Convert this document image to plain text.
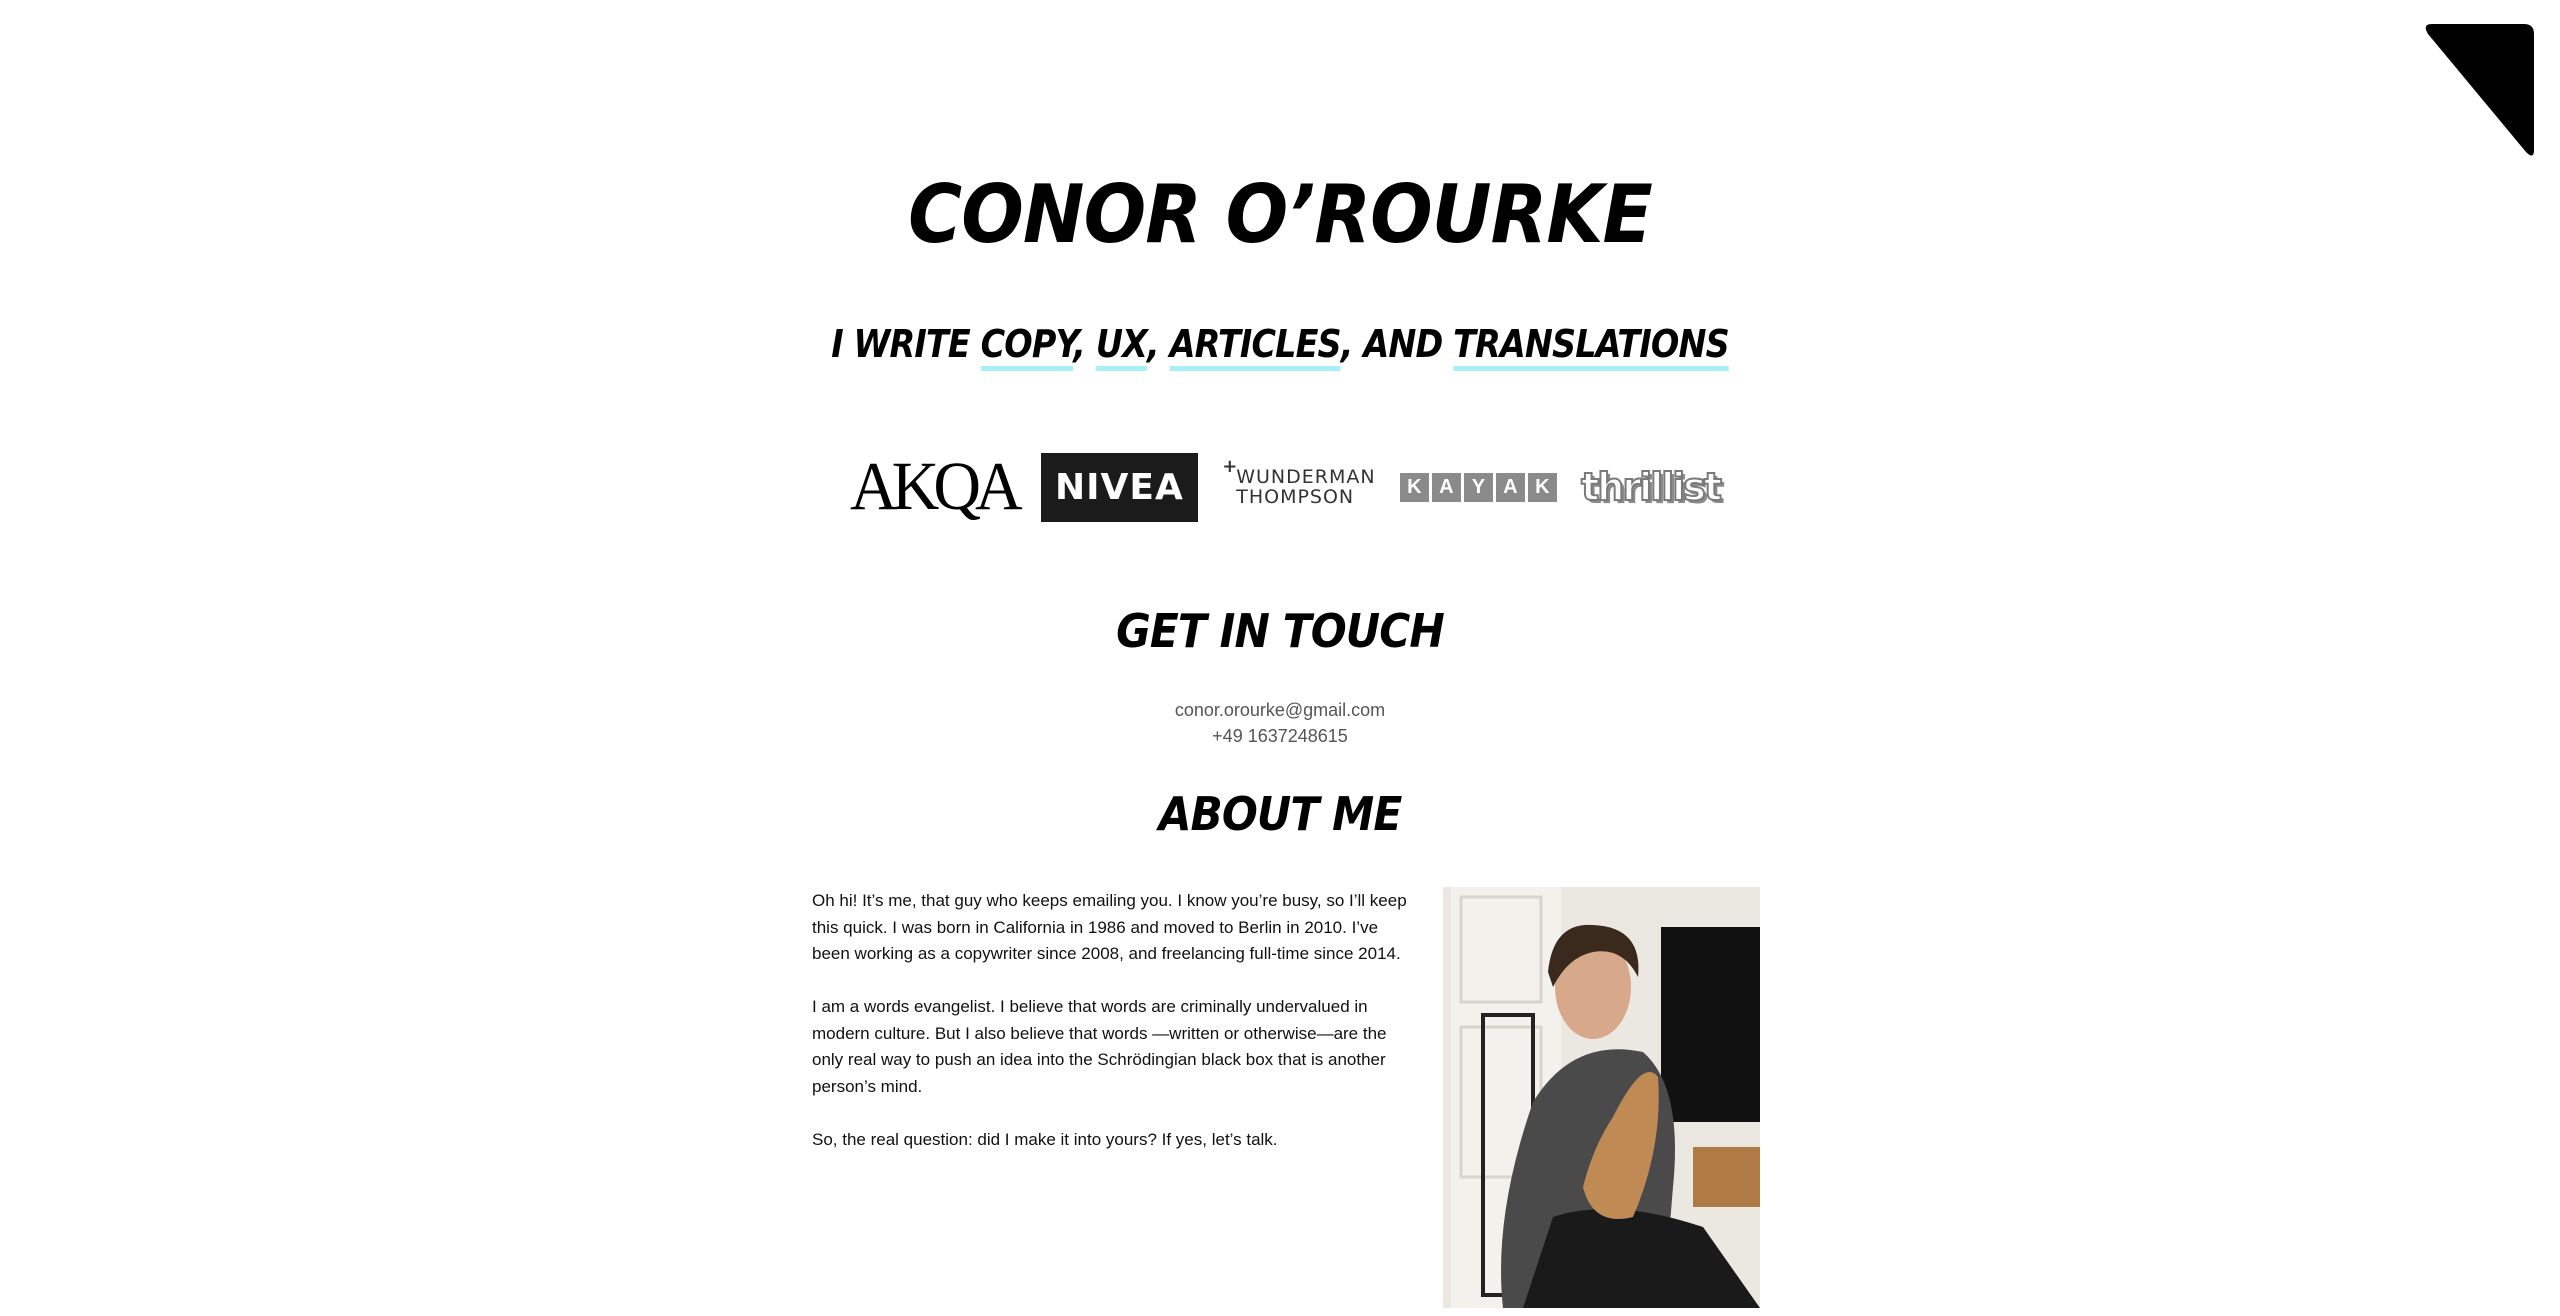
CONOR O’ROURKE
I WRITE COPY, UX, ARTICLES, AND TRANSLATIONS
AKQA	NIVEA	+
WUNDERMAN
THOMPSON	K A Y A K thrillist
GET IN TOUCH
conor.orourke@gmail.com
+49 1637248615
ABOUT ME

Oh hi! It’s me, that guy who keeps emailing you. I know you’re busy, so I’ll keep this quick. I was born in California in 1986 and moved to Berlin in 2010. I’ve been working as a copywriter since 2008, and freelancing full-time since 2014.

I am a words evangelist. I believe that words are criminally undervalued in modern culture. But I also believe that words —written or otherwise—are the only real way to push an idea into the Schrödingian black box that is another person’s mind.

So, the real question: did I make it into yours? If yes, let’s talk.
